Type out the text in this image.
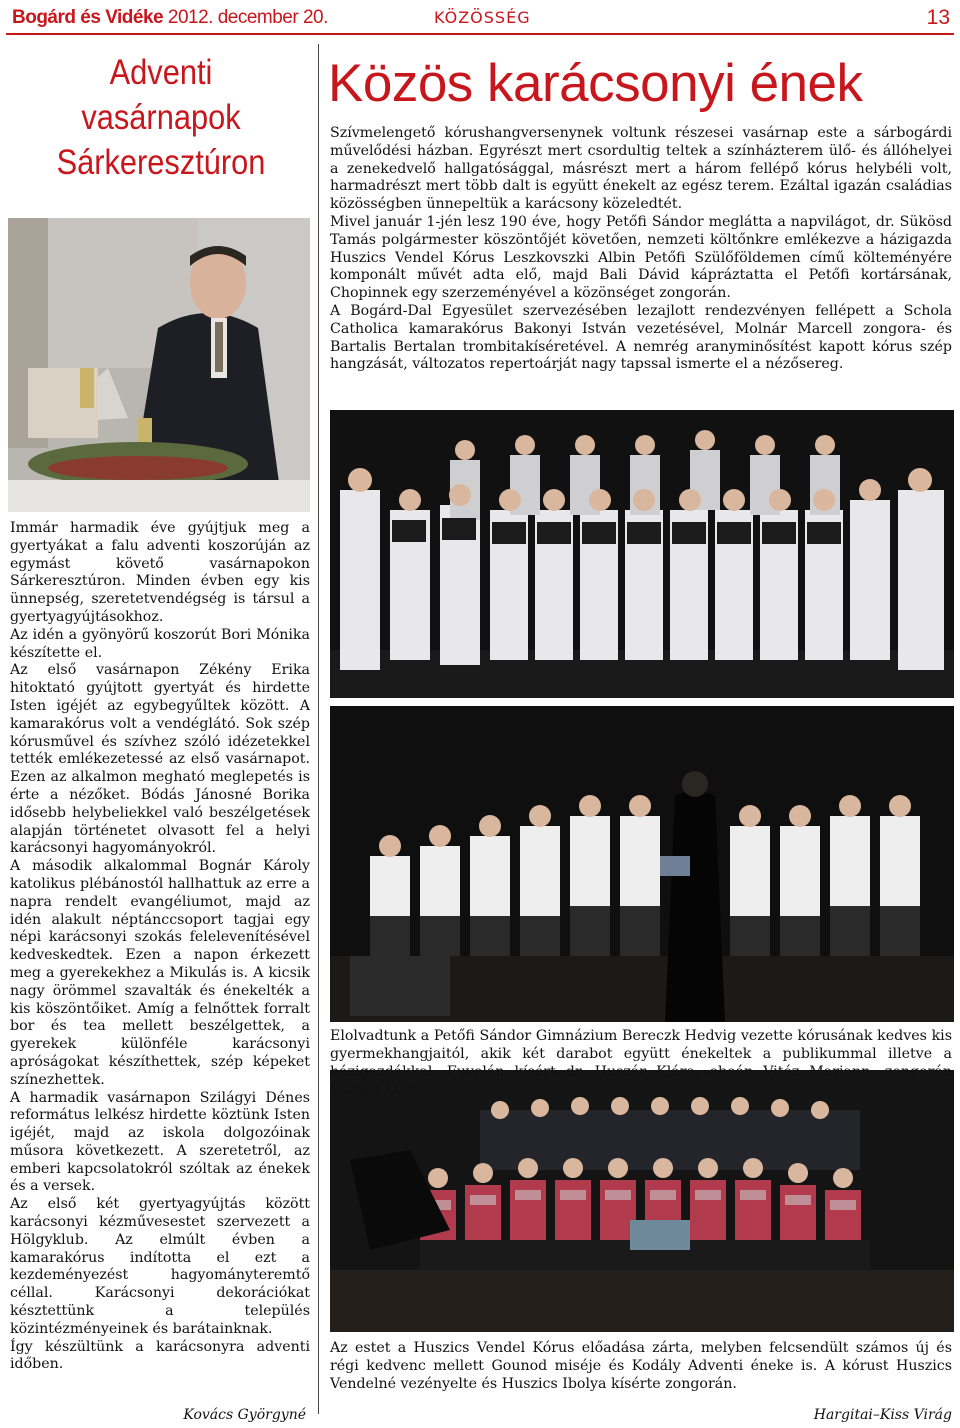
Bogárd és Vidéke 2012. december 20.	KÖZÖSSÉG	13
Adventi
vasárnapok
Sárkeresztúron
Közös karácsonyi ének

Szívmelengető kórushangversenynek voltunk részesei vasárnap este a sárbogárdi művelődési házban. Egyrészt mert csordultig teltek a színházterem ülő- és állóhelyei a zenekedvelő hallgatósággal, másrészt mert a három fellépő kórus helybéli volt, harmadrészt mert több dalt is együtt énekelt az egész terem. Ezáltal igazán családias közösségben ünnepeltük a karácsony közeledtét.

Mivel január 1-jén lesz 190 éve, hogy Petőfi Sándor meglátta a napvilágot, dr. Sükösd Tamás polgármester köszöntőjét követően, nemzeti költőnkre emlékezve a házigazda Huszics Vendel Kórus Leszkovszki Albin Petőfi Szülőföldemen című költeményére komponált művét adta elő, majd Bali Dávid kápráztatta el Petőfi kortársának, Chopinnek egy szerzeményével a közönséget zongorán.

A Bogárd-Dal Egyesület szervezésében lezajlott rendezvényen fellépett a Schola Catholica kamarakórus Bakonyi István vezetésével, Molnár Marcell zongora- és Bartalis Bertalan trombitakíséretével. A nemrég aranyminősítést kapott kórus szép hangzását, változatos repertoárját nagy tapssal ismerte el a nézősereg.

Immár harmadik éve gyújtjuk meg a gyertyákat a falu adventi koszorúján az egymást követő vasárnapokon Sárkeresztúron. Minden évben egy kis ünnepség, szeretetvendégség is társul a gyertyagyújtásokhoz.

Az idén a gyönyörű koszorút Bori Mónika készítette el.

Az első vasárnapon Zékény Erika hitoktató gyújtott gyertyát és hirdette Isten igéjét az egybegyűltek között. A kamarakórus volt a vendéglátó. Sok szép kórusművel és szívhez szóló idézetekkel tették emlékezetessé az első vasárnapot. Ezen az alkalmon megható meglepetés is érte a nézőket. Bódás Jánosné Borika idősebb helybeliekkel való beszélgetések alapján történetet olvasott fel a helyi karácsonyi hagyományokról.

A második alkalommal Bognár Károly katolikus plébánostól hallhattuk az erre a napra rendelt evangéliumot, majd az idén alakult néptánccsoport tagjai egy népi karácsonyi szokás felelevenítésével kedveskedtek. Ezen a napon érkezett meg a gyerekekhez a Mikulás is. A kicsik nagy örömmel szavalták és énekelték a kis köszöntőiket. Amíg a felnőttek forralt bor és tea mellett beszélgettek, a gyerekek különféle karácsonyi apróságokat készíthettek, szép képeket színezhettek.

A harmadik vasárnapon Szilágyi Dénes református lelkész hirdette köztünk Isten igéjét, majd az iskola dolgozóinak műsora következett. A szeretetről, az emberi kapcsolatokról szóltak az énekek és a versek.

Az első két gyertyagyújtás között karácsonyi kézművesestet szervezett a Hölgyklub. Az elmúlt évben a kamarakórus indította el ezt a kezdeményezést hagyományteremtő céllal. Karácsonyi dekorációkat késztettünk a település közintézményeinek és barátainknak.

Így készültünk a karácsonyra adventi időben.

Elolvadtunk a Petőfi Sándor Gimnázium Bereczk Hedvig vezette kórusának kedves kis gyermekhangjaitól, akik két darabot együtt énekeltek a publikummal illetve a házigazdákkal. Fuvolán kísért dr. Huszár Klára, oboán Vitéz Mariann, zongorán Varnyu Lilla.
Az estet a Huszics Vendel Kórus előadása zárta, melyben felcsendült számos új és régi kedvenc mellett Gounod miséje és Kodály Adventi éneke is. A kórust Huszics Vendelné vezényelte és Huszics Ibolya kísérte zongorán.
Kovács Györgyné	Hargitai–Kiss Virág
